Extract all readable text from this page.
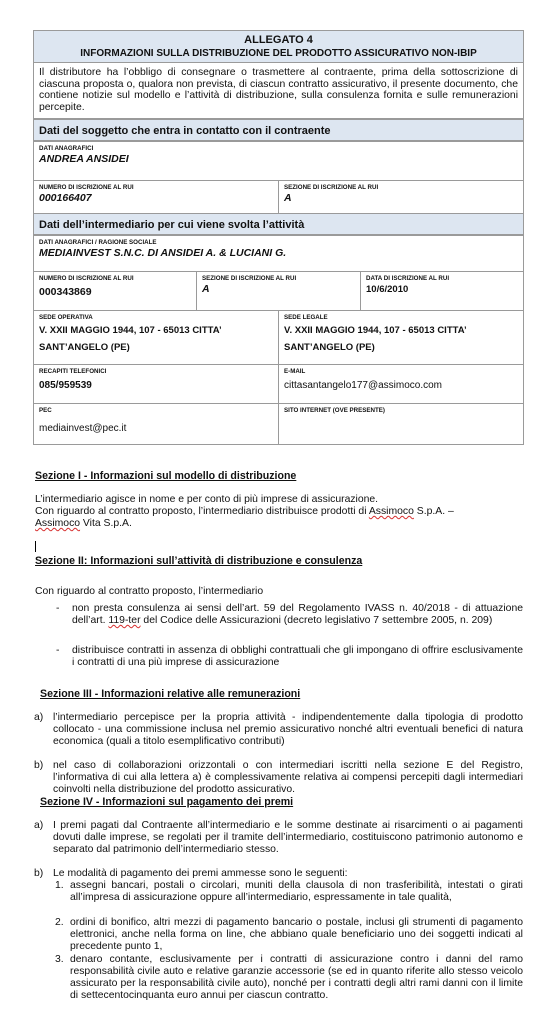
ALLEGATO 4
INFORMAZIONI SULLA DISTRIBUZIONE DEL PRODOTTO ASSICURATIVO NON-IBIP
Il distributore ha l’obbligo di consegnare o trasmettere al contraente, prima della sottoscrizione di ciascuna proposta o, qualora non prevista, di ciascun contratto assicurativo, il presente documento, che contiene notizie sul modello e l’attività di distribuzione, sulla consulenza fornita e sulle remunerazioni percepite.
Dati del soggetto che entra in contatto con il contraente
DATI ANAGRAFICI
ANDREA ANSIDEI
NUMERO DI ISCRIZIONE AL RUI
000166407
SEZIONE DI ISCRIZIONE AL RUI
A
Dati dell’intermediario per cui viene svolta l’attività
DATI ANAGRAFICI / RAGIONE SOCIALE
MEDIAINVEST S.N.C. DI ANSIDEI A. & LUCIANI G.
NUMERO DI ISCRIZIONE AL RUI
000343869
SEZIONE DI ISCRIZIONE AL RUI
A
DATA DI ISCRIZIONE AL RUI
10/6/2010
SEDE OPERATIVA
V. XXII MAGGIO 1944, 107 - 65013 CITTA’
SANT’ANGELO (PE)
SEDE LEGALE
V. XXII MAGGIO 1944, 107 - 65013 CITTA’
SANT’ANGELO (PE)
RECAPITI TELEFONICI
085/959539
E-MAIL
cittasantangelo177@assimoco.com
PEC
mediainvest@pec.it
SITO INTERNET (OVE PRESENTE)
Sezione I - Informazioni sul modello di distribuzione
L’intermediario agisce in nome e per conto di più imprese di assicurazione.
Con riguardo al contratto proposto, l’intermediario distribuisce prodotti di Assimoco S.p.A. –
Assimoco Vita S.p.A.
Sezione II: Informazioni sull’attività di distribuzione e consulenza
Con riguardo al contratto proposto, l’intermediario
- non presta consulenza ai sensi dell’art. 59 del Regolamento IVASS n. 40/2018 - di attuazione dell’art. 119-ter del Codice delle Assicurazioni (decreto legislativo 7 settembre 2005, n. 209)
- distribuisce contratti in assenza di obblighi contrattuali che gli impongano di offrire esclusivamente i contratti di una più imprese di assicurazione
Sezione III - Informazioni relative alle remunerazioni
a) l’intermediario percepisce per la propria attività - indipendentemente dalla tipologia di prodotto collocato - una commissione inclusa nel premio assicurativo nonché altri eventuali benefici di natura economica (quali a titolo esemplificativo contributi)
b) nel caso di collaborazioni orizzontali o con intermediari iscritti nella sezione E del Registro, l’informativa di cui alla lettera a) è complessivamente relativa ai compensi percepiti dagli intermediari coinvolti nella distribuzione del prodotto assicurativo.
Sezione IV - Informazioni sul pagamento dei premi
a) I premi pagati dal Contraente all’intermediario e le somme destinate ai risarcimenti o ai pagamenti dovuti dalle imprese, se regolati per il tramite dell’intermediario, costituiscono patrimonio autonomo e separato dal patrimonio dell’intermediario stesso.
b) Le modalità di pagamento dei premi ammesse sono le seguenti:
1. assegni bancari, postali o circolari, muniti della clausola di non trasferibilità, intestati o girati all’impresa di assicurazione oppure all’intermediario, espressamente in tale qualità,
2. ordini di bonifico, altri mezzi di pagamento bancario o postale, inclusi gli strumenti di pagamento elettronici, anche nella forma on line, che abbiano quale beneficiario uno dei soggetti indicati al precedente punto 1,
3. denaro contante, esclusivamente per i contratti di assicurazione contro i danni del ramo responsabilità civile auto e relative garanzie accessorie (se ed in quanto riferite allo stesso veicolo assicurato per la responsabilità civile auto), nonché per i contratti degli altri rami danni con il limite di settecentocinquanta euro annui per ciascun contratto.
